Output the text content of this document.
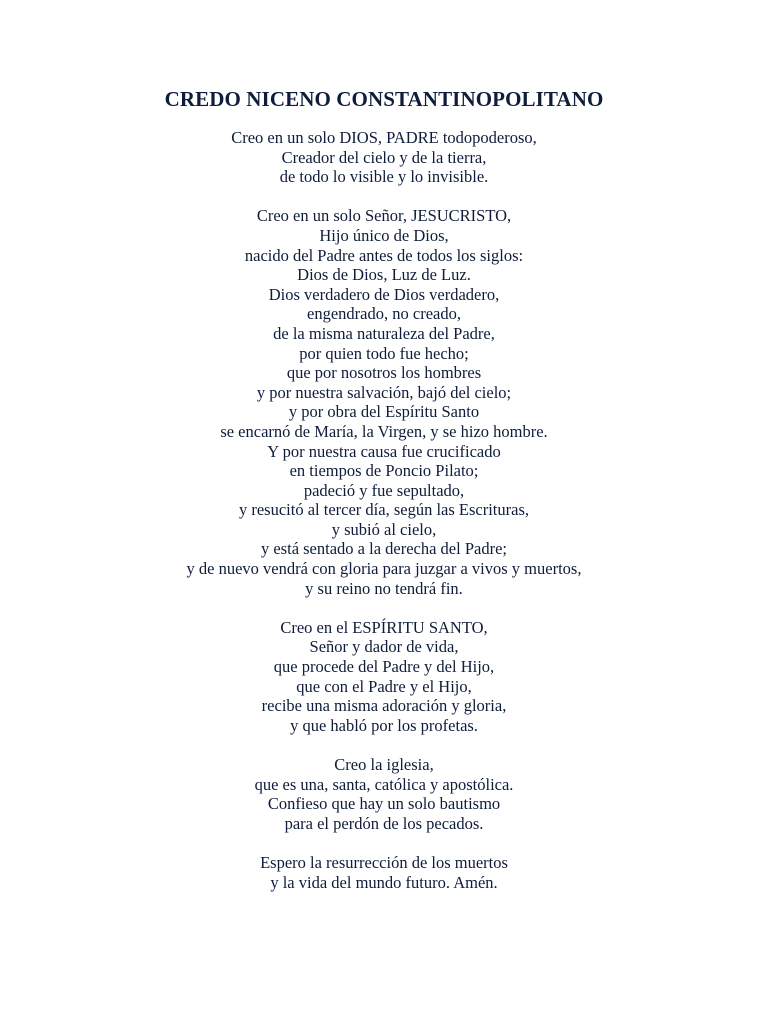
CREDO NICENO CONSTANTINOPOLITANO
Creo en un solo DIOS, PADRE todopoderoso,
Creador del cielo y de la tierra,
de todo lo visible y lo invisible.
Creo en un solo Señor, JESUCRISTO,
Hijo único de Dios,
nacido del Padre antes de todos los siglos:
Dios de Dios, Luz de Luz.
Dios verdadero de Dios verdadero,
engendrado, no creado,
de la misma naturaleza del Padre,
por quien todo fue hecho;
que por nosotros los hombres
y por nuestra salvación, bajó del cielo;
y por obra del Espíritu Santo
se encarnó de María, la Virgen, y se hizo hombre.
Y por nuestra causa fue crucificado
en tiempos de Poncio Pilato;
padeció y fue sepultado,
y resucitó al tercer día, según las Escrituras,
y subió al cielo,
y está sentado a la derecha del Padre;
y de nuevo vendrá con gloria para juzgar a vivos y muertos,
y su reino no tendrá fin.
Creo en el ESPÍRITU SANTO,
Señor y dador de vida,
que procede del Padre y del Hijo,
que con el Padre y el Hijo,
recibe una misma adoración y gloria,
y que habló por los profetas.
Creo la iglesia,
que es una, santa, católica y apostólica.
Confieso que hay un solo bautismo
para el perdón de los pecados.
Espero la resurrección de los muertos
y la vida del mundo futuro. Amén.
